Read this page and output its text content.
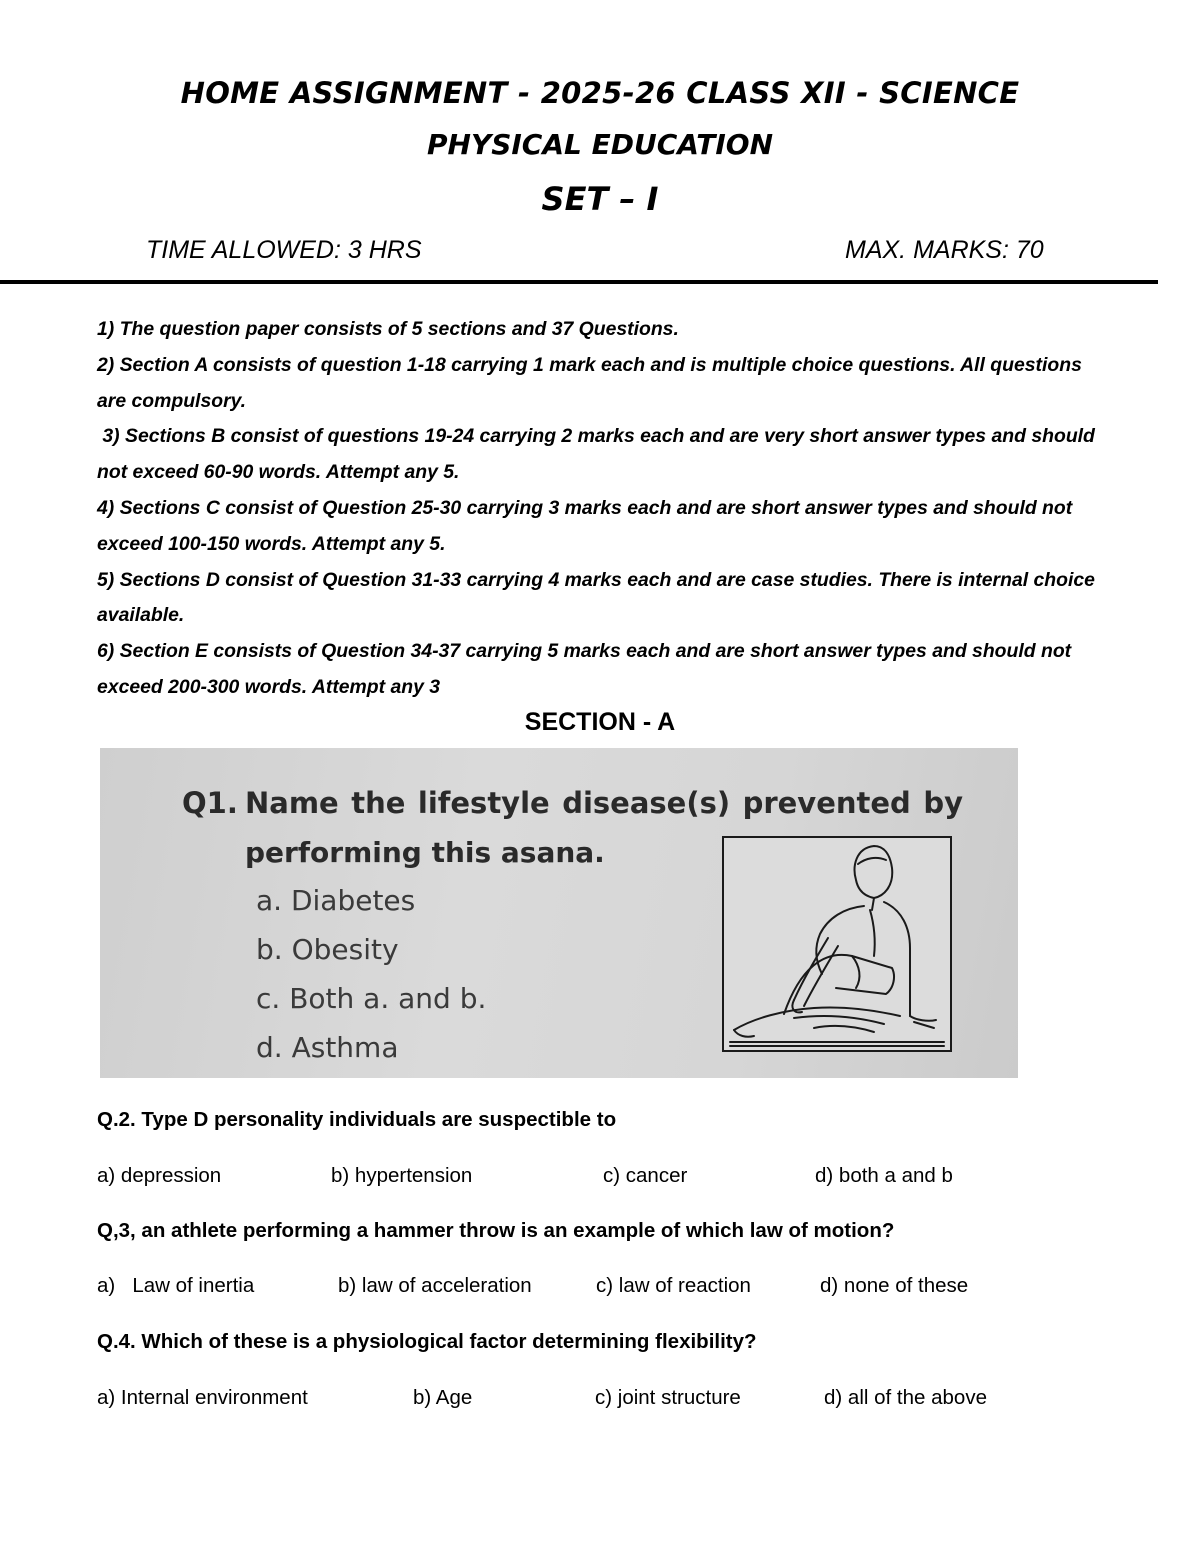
HOME ASSIGNMENT - 2025-26 CLASS XII - SCIENCE
PHYSICAL EDUCATION
SET – I
TIME ALLOWED: 3 HRS	MAX. MARKS: 70

1) The question paper consists of 5 sections and 37 Questions.

2) Section A consists of question 1-18 carrying 1 mark each and is multiple choice questions. All questions are compulsory.

3) Sections B consist of questions 19-24 carrying 2 marks each and are very short answer types and should not exceed 60-90 words. Attempt any 5.

4) Sections C consist of Question 25-30 carrying 3 marks each and are short answer types and should not exceed 100-150 words. Attempt any 5.

5) Sections D consist of Question 31-33 carrying 4 marks each and are case studies. There is internal choice available.

6) Section E consists of Question 34-37 carrying 5 marks each and are short answer types and should not exceed 200-300 words. Attempt any 3

SECTION - A
Q1. Name the lifestyle disease(s) prevented by
performing this asana.
a. Diabetes
b. Obesity
c. Both a. and b.
d. Asthma
Q.2. Type D personality individuals are suspectible to
a) depression	b) hypertension	c) cancer	d) both a and b
Q,3, an athlete performing a hammer throw is an example of which law of motion?
a)   Law of inertia	b) law of acceleration	c) law of reaction	d) none of these
Q.4. Which of these is a physiological factor determining flexibility?
a) Internal environment	b) Age	c) joint structure	d) all of the above
